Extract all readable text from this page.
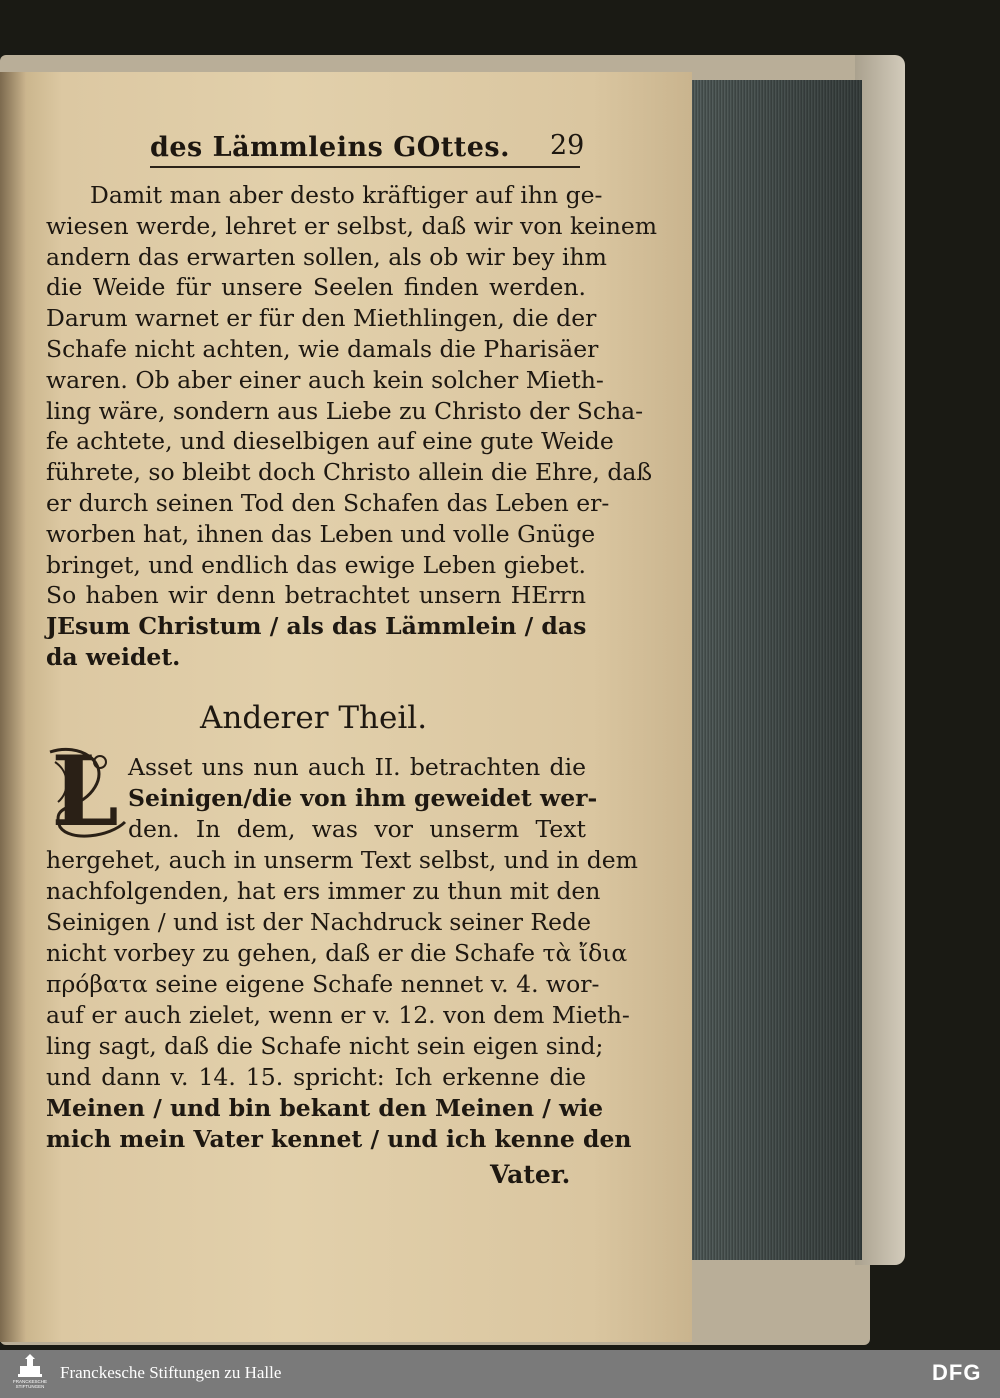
des Lämmleins GOttes. 29
Damit man aber desto kräftiger auf ihn ge-
wiesen werde, lehret er selbst, daß wir von keinem
andern das erwarten sollen, als ob wir bey ihm
die Weide für unsere Seelen finden werden.
Darum warnet er für den Miethlingen, die der
Schafe nicht achten, wie damals die Pharisäer
waren. Ob aber einer auch kein solcher Mieth-
ling wäre, sondern aus Liebe zu Christo der Scha-
fe achtete, und dieselbigen auf eine gute Weide
führete, so bleibt doch Christo allein die Ehre, daß
er durch seinen Tod den Schafen das Leben er-
worben hat, ihnen das Leben und volle Gnüge
bringet, und endlich das ewige Leben giebet.
So haben wir denn betrachtet unsern HErrn
JEsum Christum / als das Lämmlein / das
da weidet.
Anderer Theil.
L Asset uns nun auch II. betrachten die
Seinigen/die von ihm geweidet wer-
den. In dem, was vor unserm Text
hergehet, auch in unserm Text selbst, und in dem
nachfolgenden, hat ers immer zu thun mit den
Seinigen / und ist der Nachdruck seiner Rede
nicht vorbey zu gehen, daß er die Schafe τὰ ἴδια
πρόβατα seine eigene Schafe nennet v. 4. wor-
auf er auch zielet, wenn er v. 12. von dem Mieth-
ling sagt, daß die Schafe nicht sein eigen sind;
und dann v. 14. 15. spricht: Ich erkenne die
Meinen / und bin bekant den Meinen / wie
mich mein Vater kennet / und ich kenne den
Vater.
FRANCKESCHE STIFTUNGEN
Franckesche Stiftungen zu Halle	DFG
